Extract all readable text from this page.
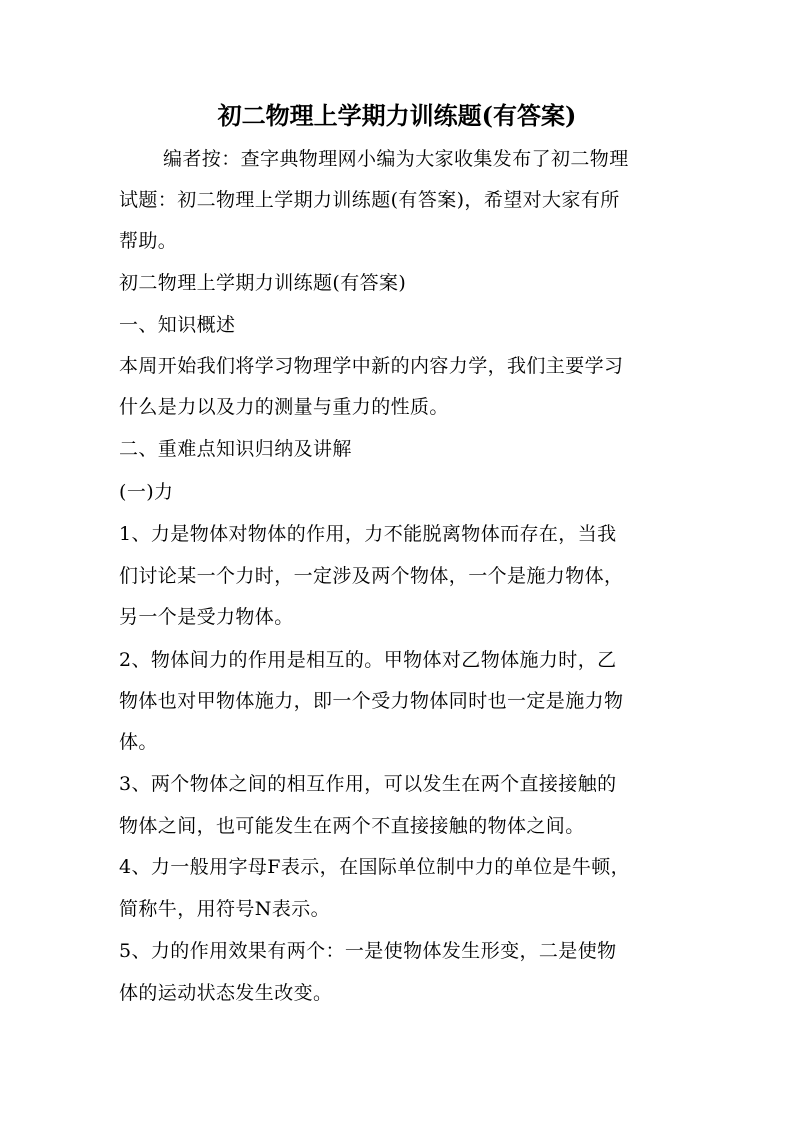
初二物理上学期力训练题(有答案)
编者按：查字典物理网小编为大家收集发布了初二物理
试题：初二物理上学期力训练题(有答案)，希望对大家有所
帮助。
初二物理上学期力训练题(有答案)
一、知识概述
本周开始我们将学习物理学中新的内容力学，我们主要学习
什么是力以及力的测量与重力的性质。
二、重难点知识归纳及讲解
(一)力
1、力是物体对物体的作用，力不能脱离物体而存在，当我
们讨论某一个力时，一定涉及两个物体，一个是施力物体，
另一个是受力物体。
2、物体间力的作用是相互的。甲物体对乙物体施力时，乙
物体也对甲物体施力，即一个受力物体同时也一定是施力物
体。
3、两个物体之间的相互作用，可以发生在两个直接接触的
物体之间，也可能发生在两个不直接接触的物体之间。
4、力一般用字母F表示，在国际单位制中力的单位是牛顿，
简称牛，用符号N表示。
5、力的作用效果有两个：一是使物体发生形变，二是使物
体的运动状态发生改变。
